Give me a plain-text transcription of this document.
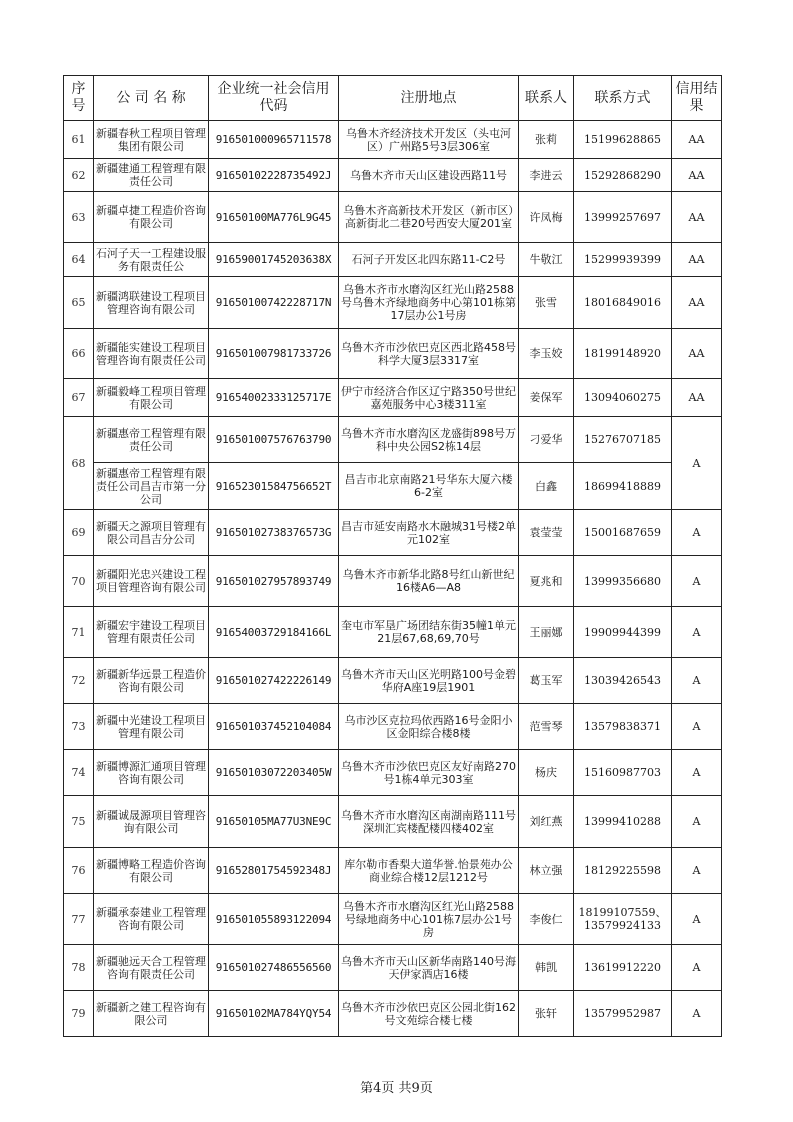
序号	公 司 名 称	企业统一社会信用代码	注册地点	联系人	联系方式	信用结果
61	新疆春秋工程项目管理集团有限公司	916501000965711578	乌鲁木齐经济技术开发区（头屯河区）广州路5号3层306室	张莉	15199628865	AA
62	新疆建通工程管理有限责任公司	91650102228735492J	乌鲁木齐市天山区建设西路11号	李进云	15292868290	AA
63	新疆卓捷工程造价咨询有限公司	91650100MA776L9G45	乌鲁木齐高新技术开发区（新市区）高新街北二巷20号西安大厦201室	许凤梅	13999257697	AA
64	石河子天一工程建设服务有限责任公	91659001745203638X	石河子开发区北四东路11-C2号	牛敬江	15299939399	AA
65	新疆鸿联建设工程项目管理咨询有限公司	91650100742228717N	乌鲁木齐市水磨沟区红光山路2588号乌鲁木齐绿地商务中心第101栋第17层办公1号房	张雪	18016849016	AA
66	新疆能实建设工程项目管理咨询有限责任公司	916501007981733726	乌鲁木齐市沙依巴克区西北路458号科学大厦3层3317室	李玉姣	18199148920	AA
67	新疆毅峰工程项目管理有限公司	91654002333125717E	伊宁市经济合作区辽宁路350号世纪嘉苑服务中心3楼311室	姜保军	13094060275	AA
68	新疆惠帝工程管理有限责任公司	916501007576763790	乌鲁木齐市水磨沟区龙盛街898号万科中央公园S2栋14层	刁爱华	15276707185	A
	新疆惠帝工程管理有限责任公司昌吉市第一分公司	91652301584756652T	昌吉市北京南路21号华东大厦六楼6-2室	白鑫	18699418889	
69	新疆天之源项目管理有限公司昌吉分公司	91650102738376573G	昌吉市延安南路水木融城31号楼2单元102室	袁莹莹	15001687659	A
70	新疆阳光忠兴建设工程项目管理咨询有限公司	916501027957893749	乌鲁木齐市新华北路8号红山新世纪16楼A6—A8	夏兆和	13999356680	A
71	新疆宏宇建设工程项目管理有限责任公司	91654003729184166L	奎屯市军垦广场团结东街35幢1单元21层67,68,69,70号	王丽娜	19909944399	A
72	新疆新华远景工程造价咨询有限公司	916501027422226149	乌鲁木齐市天山区光明路100号金碧华府A座19层1901	葛玉军	13039426543	A
73	新疆中光建设工程项目管理有限公司	916501037452104084	乌市沙区克拉玛依西路16号金阳小区金阳综合楼8楼	范雪琴	13579838371	A
74	新疆博源汇通项目管理咨询有限公司	91650103072203405W	乌鲁木齐市沙依巴克区友好南路270号1栋4单元303室	杨庆	15160987703	A
75	新疆诚晟源项目管理咨询有限公司	91650105MA77U3NE9C	乌鲁木齐市水磨沟区南湖南路111号深圳汇宾楼配楼四楼402室	刘红燕	13999410288	A
76	新疆博略工程造价咨询有限公司	91652801754592348J	库尔勒市香梨大道华誉.怡景苑办公商业综合楼12层1212号	林立强	18129225598	A
77	新疆承泰建业工程管理咨询有限公司	916501055893122094	乌鲁木齐市水磨沟区红光山路2588号绿地商务中心101栋7层办公1号房	李俊仁	18199107559、13579924133	A
78	新疆驰远天合工程管理咨询有限责任公司	916501027486556560	乌鲁木齐市天山区新华南路140号海天伊家酒店16楼	韩凯	13619912220	A
79	新疆新之建工程咨询有限公司	91650102MA784YQY54	乌鲁木齐市沙依巴克区公园北街162号文苑综合楼七楼	张轩	13579952987	A
第4页 共9页
